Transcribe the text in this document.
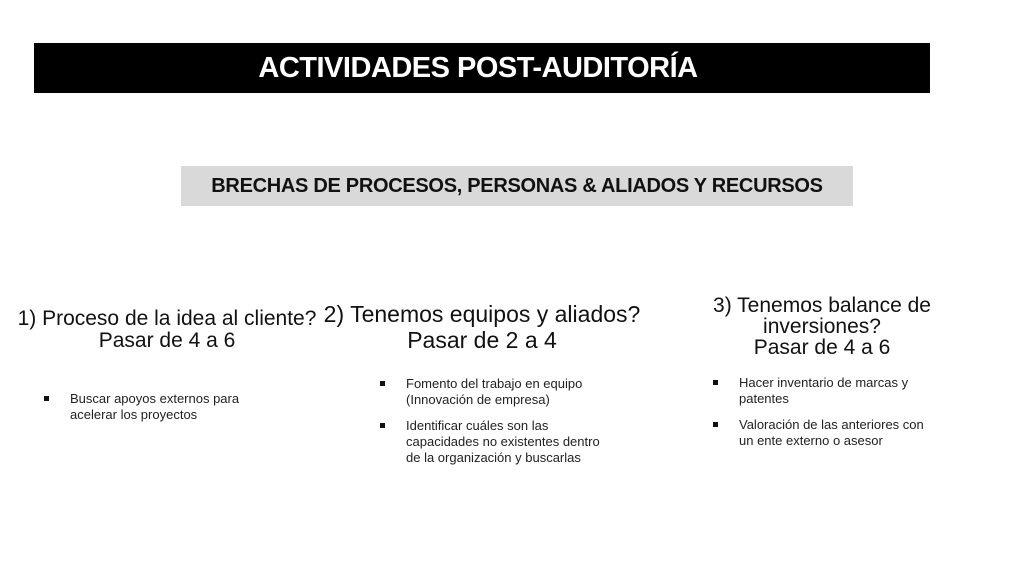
ACTIVIDADES POST-AUDITORÍA
BRECHAS DE PROCESOS, PERSONAS & ALIADOS Y RECURSOS
1) Proceso de la idea al cliente?
Pasar de 4 a 6
Buscar apoyos externos para acelerar los proyectos
2) Tenemos equipos y aliados?
Pasar de 2 a 4
Fomento del trabajo en equipo (Innovación de empresa)
Identificar cuáles son las capacidades no existentes dentro de la organización y buscarlas
3) Tenemos balance de inversiones?
Pasar de 4 a 6
Hacer inventario de marcas y patentes
Valoración de las anteriores con un ente externo o asesor
